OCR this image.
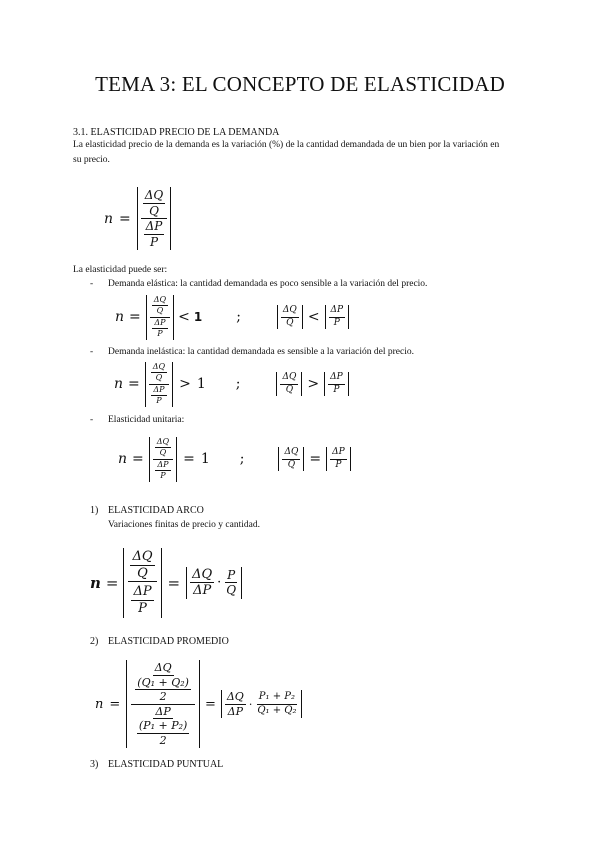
TEMA 3: EL CONCEPTO DE ELASTICIDAD
3.1. ELASTICIDAD PRECIO DE LA DEMANDA
La elasticidad precio de la demanda es la variación (%) de la cantidad demandada de un bien por la variación en
su precio.
$n = \frac{\frac{\Delta Q}{Q}}{\frac{\Delta P}{P}}$
La elasticidad puede ser:
- Demanda elástica: la cantidad demandada es poco sensible a la variación del precio.
$n = \frac{\frac{\Delta Q}{Q}}{\frac{\Delta P}{P}} < 1$ ;	$\frac{\Delta Q}{Q} < \frac{\Delta P}{P}$
- Demanda inelástica: la cantidad demandada es sensible a la variación del precio.
$n = \frac{\frac{\Delta Q}{Q}}{\frac{\Delta P}{P}} > 1$ ;	$\frac{\Delta Q}{Q} > \frac{\Delta P}{P}$
- Elasticidad unitaria:
$n = \frac{\frac{\Delta Q}{Q}}{\frac{\Delta P}{P}} = 1$ ;	$\frac{\Delta Q}{Q} = \frac{\Delta P}{P}$
1) ELASTICIDAD ARCO
Variaciones finitas de precio y cantidad.
$n = \frac{\frac{\Delta Q}{Q}}{\frac{\Delta P}{P}} = \frac{\Delta Q}{\Delta P} \cdot \frac{P}{Q}$
2) ELASTICIDAD PROMEDIO
$n = \frac{\frac{\Delta Q}{\frac{\text{(Q₁ + Q₂)}}{2}}}{\frac{\Delta P}{\frac{\text{(P₁ + P₂)}}{2}}} = \frac{\Delta Q}{\Delta P} \cdot \frac{\text{P₁ + P₂}}{\text{Q₁ + Q₂}}$
3) ELASTICIDAD PUNTUAL
